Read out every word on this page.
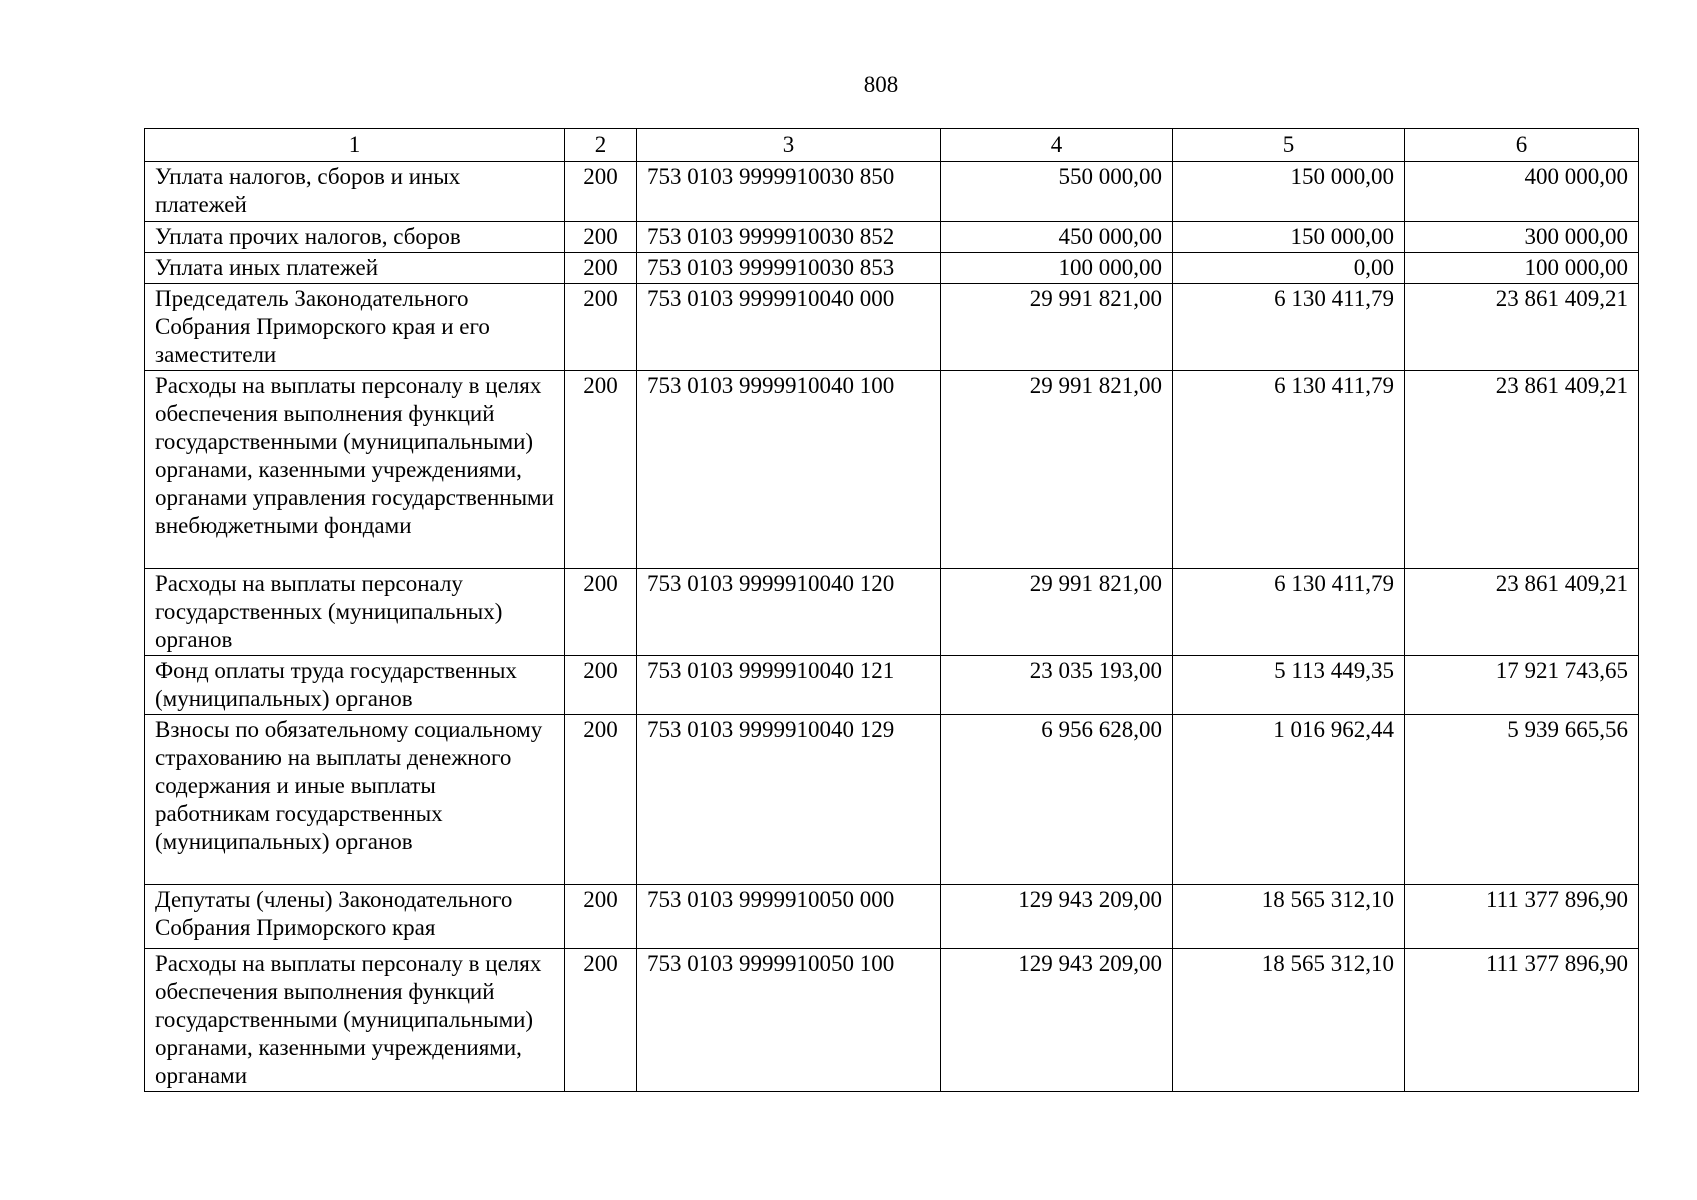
808
1	2	3	4	5	6
Уплата налогов, сборов и иных платежей	200	753 0103 9999910030 850	550 000,00	150 000,00	400 000,00
Уплата прочих налогов, сборов	200	753 0103 9999910030 852	450 000,00	150 000,00	300 000,00
Уплата иных платежей	200	753 0103 9999910030 853	100 000,00	0,00	100 000,00
Председатель Законодательного Собрания Приморского края и его заместители	200	753 0103 9999910040 000	29 991 821,00	6 130 411,79	23 861 409,21
Расходы на выплаты персоналу в целях обеспечения выполнения функций государственными (муниципальными) органами, казенными учреждениями, органами управления государственными внебюджетными фондами	200	753 0103 9999910040 100	29 991 821,00	6 130 411,79	23 861 409,21
Расходы на выплаты персоналу государственных (муниципальных) органов	200	753 0103 9999910040 120	29 991 821,00	6 130 411,79	23 861 409,21
Фонд оплаты труда государственных (муниципальных) органов	200	753 0103 9999910040 121	23 035 193,00	5 113 449,35	17 921 743,65
Взносы по обязательному социальному страхованию на выплаты денежного содержания и иные выплаты работникам государственных (муниципальных) органов	200	753 0103 9999910040 129	6 956 628,00	1 016 962,44	5 939 665,56
Депутаты (члены) Законодательного Собрания Приморского края	200	753 0103 9999910050 000	129 943 209,00	18 565 312,10	111 377 896,90
Расходы на выплаты персоналу в целях обеспечения выполнения функций государственными (муниципальными) органами, казенными учреждениями, органами	200	753 0103 9999910050 100	129 943 209,00	18 565 312,10	111 377 896,90
